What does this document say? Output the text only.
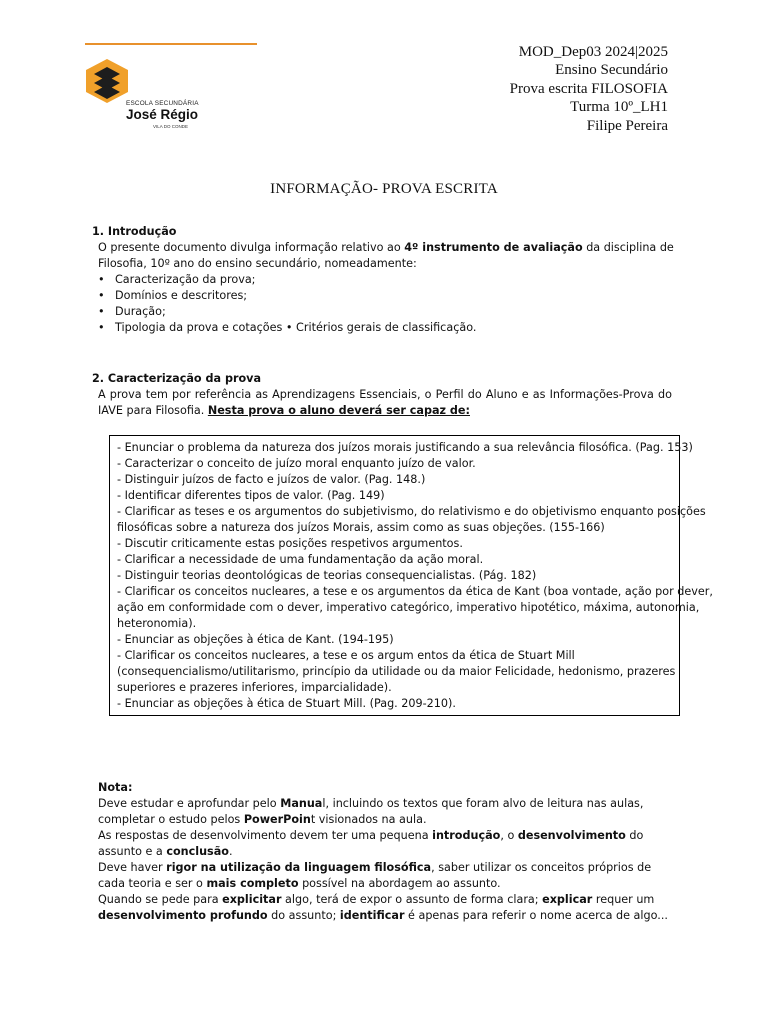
ESCOLA SECUNDÁRIA
José Régio
VILA DO CONDE
MOD_Dep03 2024|2025
Ensino Secundário
Prova escrita FILOSOFIA
Turma 10º_LH1
Filipe Pereira
INFORMAÇÃO- PROVA ESCRITA
1. Introdução
O presente documento divulga informação relativo ao 4º instrumento de avaliação da disciplina de Filosofia, 10º ano do ensino secundário, nomeadamente:
• Caracterização da prova;
• Domínios e descritores;
• Duração;
• Tipologia da prova e cotações • Critérios gerais de classificação.
2. Caracterização da prova
A prova tem por referência as Aprendizagens Essenciais, o Perfil do Aluno e as Informações-Prova do IAVE para Filosofia. Nesta prova o aluno deverá ser capaz de:
- Enunciar o problema da natureza dos juízos morais justificando a sua relevância filosófica. (Pag. 153)
- Caracterizar o conceito de juízo moral enquanto juízo de valor.
- Distinguir juízos de facto e juízos de valor. (Pag. 148.)
- Identificar diferentes tipos de valor. (Pag. 149)
- Clarificar as teses e os argumentos do subjetivismo, do relativismo e do objetivismo enquanto posições
filosóficas sobre a natureza dos juízos Morais, assim como as suas objeções. (155-166)
- Discutir criticamente estas posições respetivos argumentos.
- Clarificar a necessidade de uma fundamentação da ação moral.
- Distinguir teorias deontológicas de teorias consequencialistas. (Pág. 182)
- Clarificar os conceitos nucleares, a tese e os argumentos da ética de Kant (boa vontade, ação por dever,
ação em conformidade com o dever, imperativo categórico, imperativo hipotético, máxima, autonomia,
heteronomia).
- Enunciar as objeções à ética de Kant. (194-195)
- Clarificar os conceitos nucleares, a tese e os argum entos da ética de Stuart Mill
(consequencialismo/utilitarismo, princípio da utilidade ou da maior Felicidade, hedonismo, prazeres
superiores e prazeres inferiores, imparcialidade).
- Enunciar as objeções à ética de Stuart Mill. (Pag. 209-210).
Nota:
Deve estudar e aprofundar pelo Manual, incluindo os textos que foram alvo de leitura nas aulas, completar o estudo pelos PowerPoint visionados na aula.
As respostas de desenvolvimento devem ter uma pequena introdução, o desenvolvimento do assunto e a conclusão.
Deve haver rigor na utilização da linguagem filosófica, saber utilizar os conceitos próprios de cada teoria e ser o mais completo possível na abordagem ao assunto.
Quando se pede para explicitar algo, terá de expor o assunto de forma clara; explicar requer um desenvolvimento profundo do assunto; identificar é apenas para referir o nome acerca de algo...
